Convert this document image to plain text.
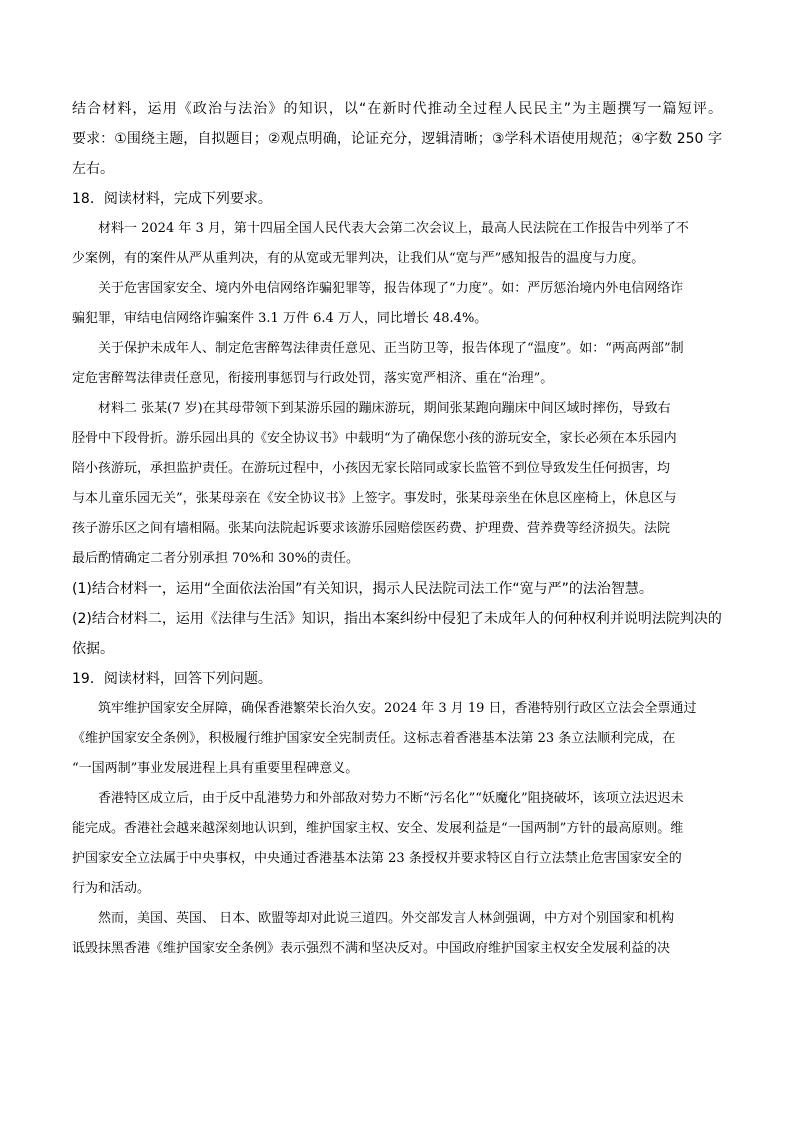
结合材料，运用《政治与法治》的知识，以“在新时代推动全过程人民民主”为主题撰写一篇短评。
要求：①围绕主题，自拟题目；②观点明确，论证充分，逻辑清晰；③学科术语使用规范；④字数 250 字
左右。
18．阅读材料，完成下列要求。
材料一 2024 年 3 月，第十四届全国人民代表大会第二次会议上，最高人民法院在工作报告中列举了不
少案例，有的案件从严从重判决，有的从宽或无罪判决，让我们从“宽与严”感知报告的温度与力度。
关于危害国家安全、境内外电信网络诈骗犯罪等，报告体现了“力度”。如：严厉惩治境内外电信网络诈
骗犯罪，审结电信网络诈骗案件 3.1 万件 6.4 万人，同比增长 48.4%。
关于保护未成年人、制定危害醉驾法律责任意见、正当防卫等，报告体现了“温度”。如：“两高两部”制
定危害醉驾法律责任意见，衔接刑事惩罚与行政处罚，落实宽严相济、重在“治理”。
材料二 张某(7 岁)在其母带领下到某游乐园的蹦床游玩，期间张某跑向蹦床中间区域时摔伤，导致右
胫骨中下段骨折。游乐园出具的《安全协议书》中载明“为了确保您小孩的游玩安全，家长必须在本乐园内
陪小孩游玩，承担监护责任。在游玩过程中，小孩因无家长陪同或家长监管不到位导致发生任何损害，均
与本儿童乐园无关”，张某母亲在《安全协议书》上签字。事发时，张某母亲坐在休息区座椅上，休息区与
孩子游乐区之间有墙相隔。张某向法院起诉要求该游乐园赔偿医药费、护理费、营养费等经济损失。法院
最后酌情确定二者分别承担 70%和 30%的责任。
(1)结合材料一，运用“全面依法治国”有关知识，揭示人民法院司法工作“宽与严”的法治智慧。
(2)结合材料二，运用《法律与生活》知识，指出本案纠纷中侵犯了未成年人的何种权利并说明法院判决的
依据。
19．阅读材料，回答下列问题。
筑牢维护国家安全屏障，确保香港繁荣长治久安。2024 年 3 月 19 日，香港特别行政区立法会全票通过
《维护国家安全条例》，积极履行维护国家安全宪制责任。这标志着香港基本法第 23 条立法顺利完成，在
“一国两制”事业发展进程上具有重要里程碑意义。
香港特区成立后，由于反中乱港势力和外部敌对势力不断“污名化”“妖魔化”阻挠破坏，该项立法迟迟未
能完成。香港社会越来越深刻地认识到，维护国家主权、安全、发展利益是“一国两制”方针的最高原则。维
护国家安全立法属于中央事权，中央通过香港基本法第 23 条授权并要求特区自行立法禁止危害国家安全的
行为和活动。
然而，美国、英国、 日本、欧盟等却对此说三道四。外交部发言人林剑强调，中方对个别国家和机构
诋毁抹黑香港《维护国家安全条例》表示强烈不满和坚决反对。中国政府维护国家主权安全发展利益的决
